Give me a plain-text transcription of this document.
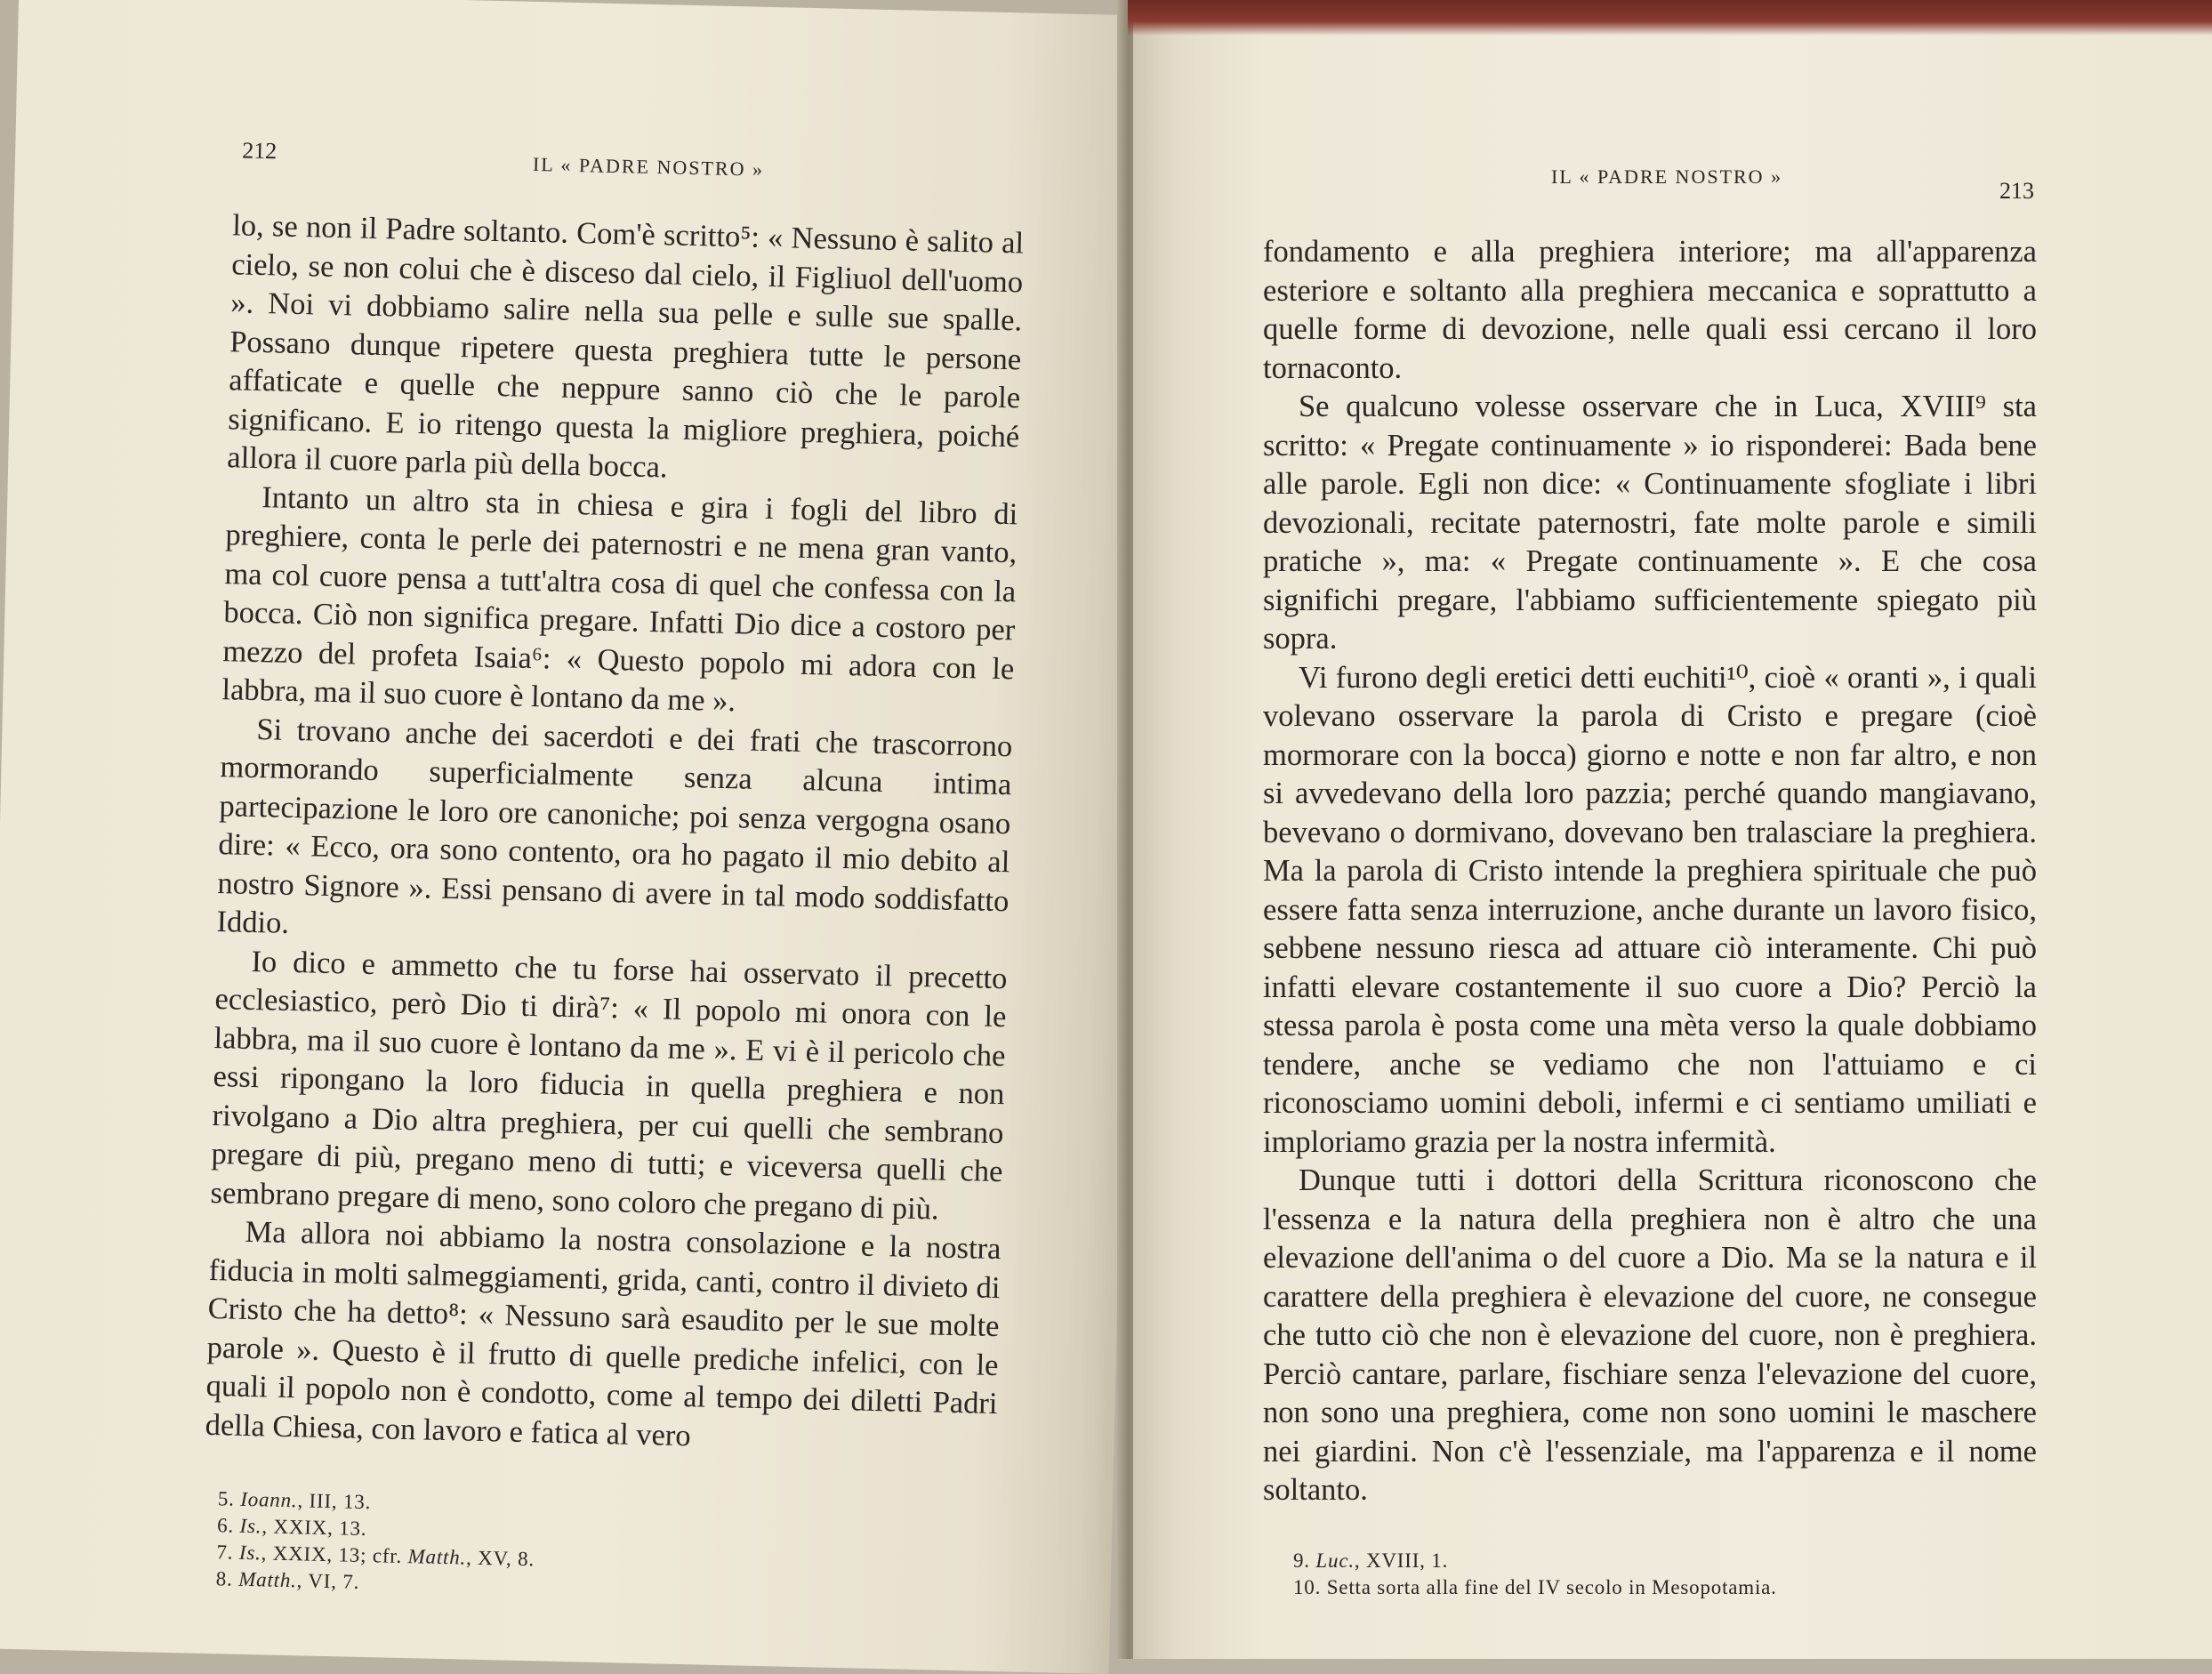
212
IL « PADRE NOSTRO »

lo, se non il Padre soltanto. Com'è scritto⁵: « Nessuno è salito al cielo, se non colui che è disceso dal cielo, il Figliuol dell'uomo ». Noi vi dobbiamo salire nella sua pelle e sulle sue spalle. Possano dunque ripetere questa preghiera tutte le persone affaticate e quelle che neppure sanno ciò che le parole significano. E io ritengo questa la migliore preghiera, poiché allora il cuore parla più della bocca.

Intanto un altro sta in chiesa e gira i fogli del libro di preghiere, conta le perle dei paternostri e ne mena gran vanto, ma col cuore pensa a tutt'altra cosa di quel che confessa con la bocca. Ciò non significa pregare. Infatti Dio dice a costoro per mezzo del profeta Isaia⁶: « Questo popolo mi adora con le labbra, ma il suo cuore è lontano da me ».

Si trovano anche dei sacerdoti e dei frati che trascorrono mormorando superficialmente senza alcuna intima partecipazione le loro ore canoniche; poi senza vergogna osano dire: « Ecco, ora sono contento, ora ho pagato il mio debito al nostro Signore ». Essi pensano di avere in tal modo soddisfatto Iddio.

Io dico e ammetto che tu forse hai osservato il precetto ecclesiastico, però Dio ti dirà⁷: « Il popolo mi onora con le labbra, ma il suo cuore è lontano da me ». E vi è il pericolo che essi ripongano la loro fiducia in quella preghiera e non rivolgano a Dio altra preghiera, per cui quelli che sembrano pregare di più, pregano meno di tutti; e viceversa quelli che sembrano pregare di meno, sono coloro che pregano di più.

Ma allora noi abbiamo la nostra consolazione e la nostra fiducia in molti salmeggiamenti, grida, canti, contro il divieto di Cristo che ha detto⁸: « Nessuno sarà esaudito per le sue molte parole ». Questo è il frutto di quelle prediche infelici, con le quali il popolo non è condotto, come al tempo dei diletti Padri della Chiesa, con lavoro e fatica al vero

5. Ioann., III, 13.
6. Is., XXIX, 13.
7. Is., XXIX, 13; cfr. Matth., XV, 8.
8. Matth., VI, 7.
IL « PADRE NOSTRO »
213

fondamento e alla preghiera interiore; ma all'apparenza esteriore e soltanto alla preghiera meccanica e soprattutto a quelle forme di devozione, nelle quali essi cercano il loro tornaconto.

Se qualcuno volesse osservare che in Luca, XVIII⁹ sta scritto: « Pregate continuamente » io risponderei: Bada bene alle parole. Egli non dice: « Continuamente sfogliate i libri devozionali, recitate paternostri, fate molte parole e simili pratiche », ma: « Pregate continuamente ». E che cosa significhi pregare, l'abbiamo sufficientemente spiegato più sopra.

Vi furono degli eretici detti euchiti¹⁰, cioè « oranti », i quali volevano osservare la parola di Cristo e pregare (cioè mormorare con la bocca) giorno e notte e non far altro, e non si avvedevano della loro pazzia; perché quando mangiavano, bevevano o dormivano, dovevano ben tralasciare la preghiera. Ma la parola di Cristo intende la preghiera spirituale che può essere fatta senza interruzione, anche durante un lavoro fisico, sebbene nessuno riesca ad attuare ciò interamente. Chi può infatti elevare costantemente il suo cuore a Dio? Perciò la stessa parola è posta come una mèta verso la quale dobbiamo tendere, anche se vediamo che non l'attuiamo e ci riconosciamo uomini deboli, infermi e ci sentiamo umiliati e imploriamo grazia per la nostra infermità.

Dunque tutti i dottori della Scrittura riconoscono che l'essenza e la natura della preghiera non è altro che una elevazione dell'anima o del cuore a Dio. Ma se la natura e il carattere della preghiera è elevazione del cuore, ne consegue che tutto ciò che non è elevazione del cuore, non è preghiera. Perciò cantare, parlare, fischiare senza l'elevazione del cuore, non sono una preghiera, come non sono uomini le maschere nei giardini. Non c'è l'essenziale, ma l'apparenza e il nome soltanto.

9. Luc., XVIII, 1.
10. Setta sorta alla fine del IV secolo in Mesopotamia.
